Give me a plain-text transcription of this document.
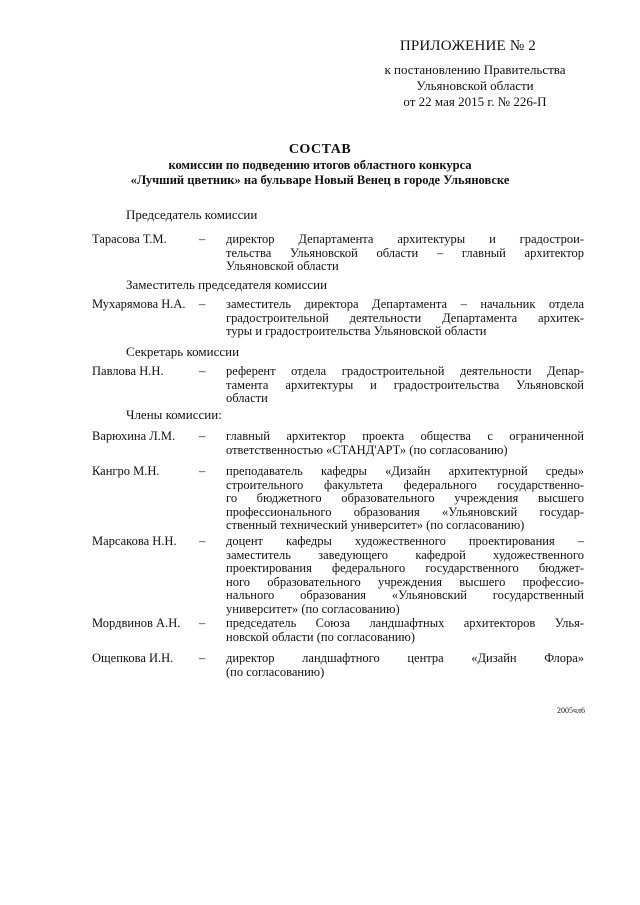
ПРИЛОЖЕНИЕ № 2
к постановлению Правительства
Ульяновской области
от 22 мая 2015 г. № 226-П
СОСТАВ
комиссии по подведению итогов областного конкурса
«Лучший цветник» на бульваре Новый Венец в городе Ульяновске
Председатель комиссии
Тарасова Т.М.	– директор Департамента архитектуры и градострои-
тельства Ульяновской области – главный архитектор
Ульяновской области
Заместитель председателя комиссии
Мухарямова Н.А. – заместитель директора Департамента – начальник отдела
градостроительной деятельности Департамента архитек-
туры и градостроительства Ульяновской области
Секретарь комиссии
Павлова Н.Н.	– референт отдела градостроительной деятельности Депар-
тамента архитектуры и градостроительства Ульяновской
области
Члены комиссии:
Варюхина Л.М. – главный архитектор проекта общества с ограниченной
ответственностью «СТАНД'АРТ» (по согласованию)
Кангро М.Н.	– преподаватель кафедры «Дизайн архитектурной среды»
строительного факультета федерального государственно-
го бюджетного образовательного учреждения высшего
профессионального образования «Ульяновский государ-
ственный технический университет» (по согласованию)
Марсакова Н.Н. – доцент кафедры художественного проектирования –
заместитель заведующего кафедрой художественного
проектирования федерального государственного бюджет-
ного образовательного учреждения высшего профессио-
нального образования «Ульяновский государственный
университет» (по согласованию)
Мордвинов А.Н. – председатель Союза ландшафтных архитекторов Улья-
новской области (по согласованию)
Ощепкова И.Н. – директор ландшафтного центра «Дизайн Флора»
(по согласованию)
2005чл6
